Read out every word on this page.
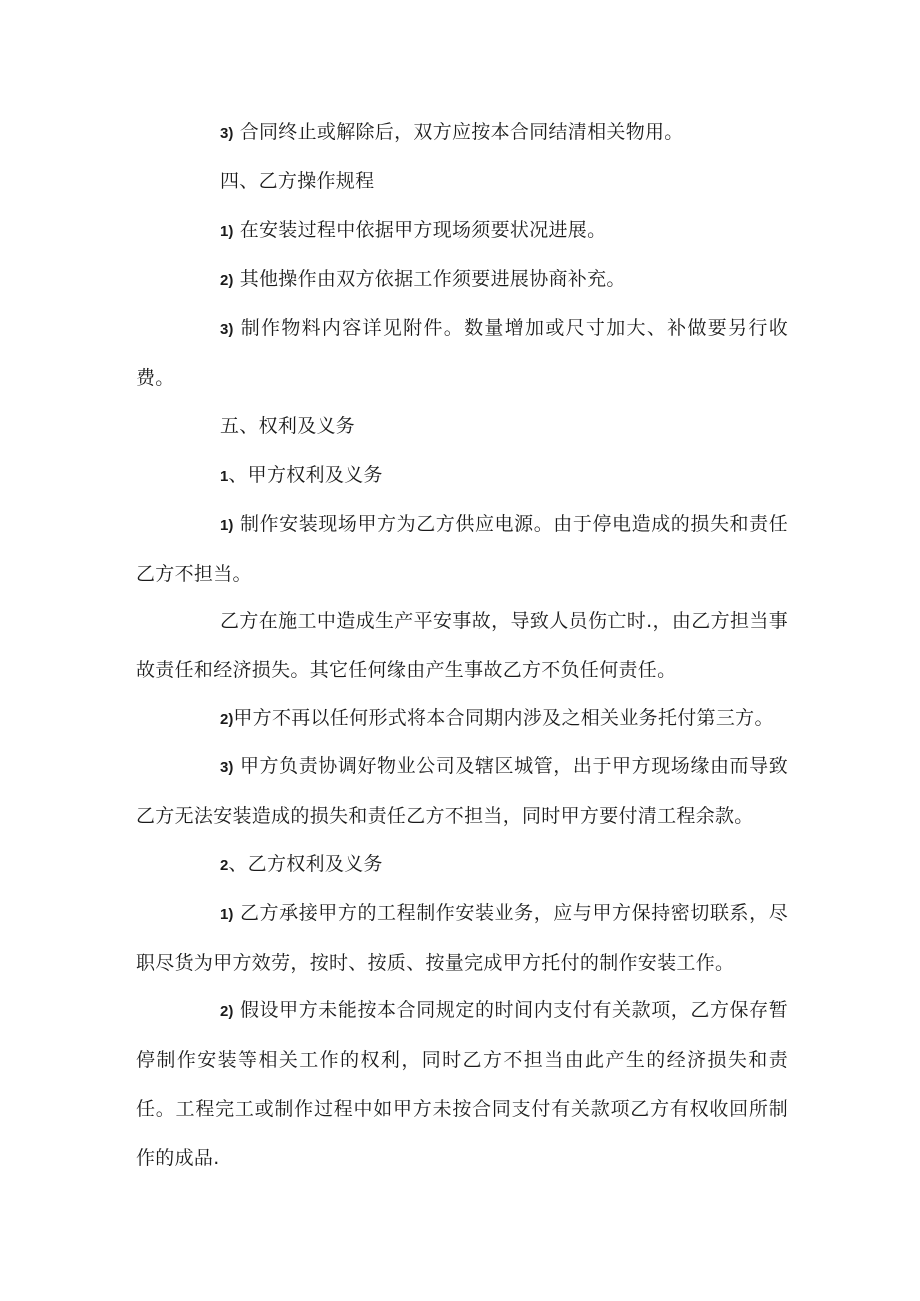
3) 合同终止或解除后，双方应按本合同结清相关物用。

四、乙方操作规程

1) 在安装过程中依据甲方现场须要状况进展。

2) 其他操作由双方依据工作须要进展协商补充。

3) 制作物料内容详见附件。数量增加或尺寸加大、补做要另行收费。

五、权利及义务

1、甲方权利及义务

1) 制作安装现场甲方为乙方供应电源。由于停电造成的损失和责任乙方不担当。

乙方在施工中造成生产平安事故，导致人员伤亡时.，由乙方担当事故责任和经济损失。其它任何缘由产生事故乙方不负任何责任。

2)甲方不再以任何形式将本合同期内涉及之相关业务托付第三方。

3) 甲方负责协调好物业公司及辖区城管，出于甲方现场缘由而导致乙方无法安装造成的损失和责任乙方不担当，同时甲方要付清工程余款。

2、乙方权利及义务

1) 乙方承接甲方的工程制作安装业务，应与甲方保持密切联系，尽职尽货为甲方效劳，按时、按质、按量完成甲方托付的制作安装工作。

2) 假设甲方未能按本合同规定的时间内支付有关款项，乙方保存暂停制作安装等相关工作的权利，同时乙方不担当由此产生的经济损失和责任。工程完工或制作过程中如甲方未按合同支付有关款项乙方有权收回所制作的成品.
